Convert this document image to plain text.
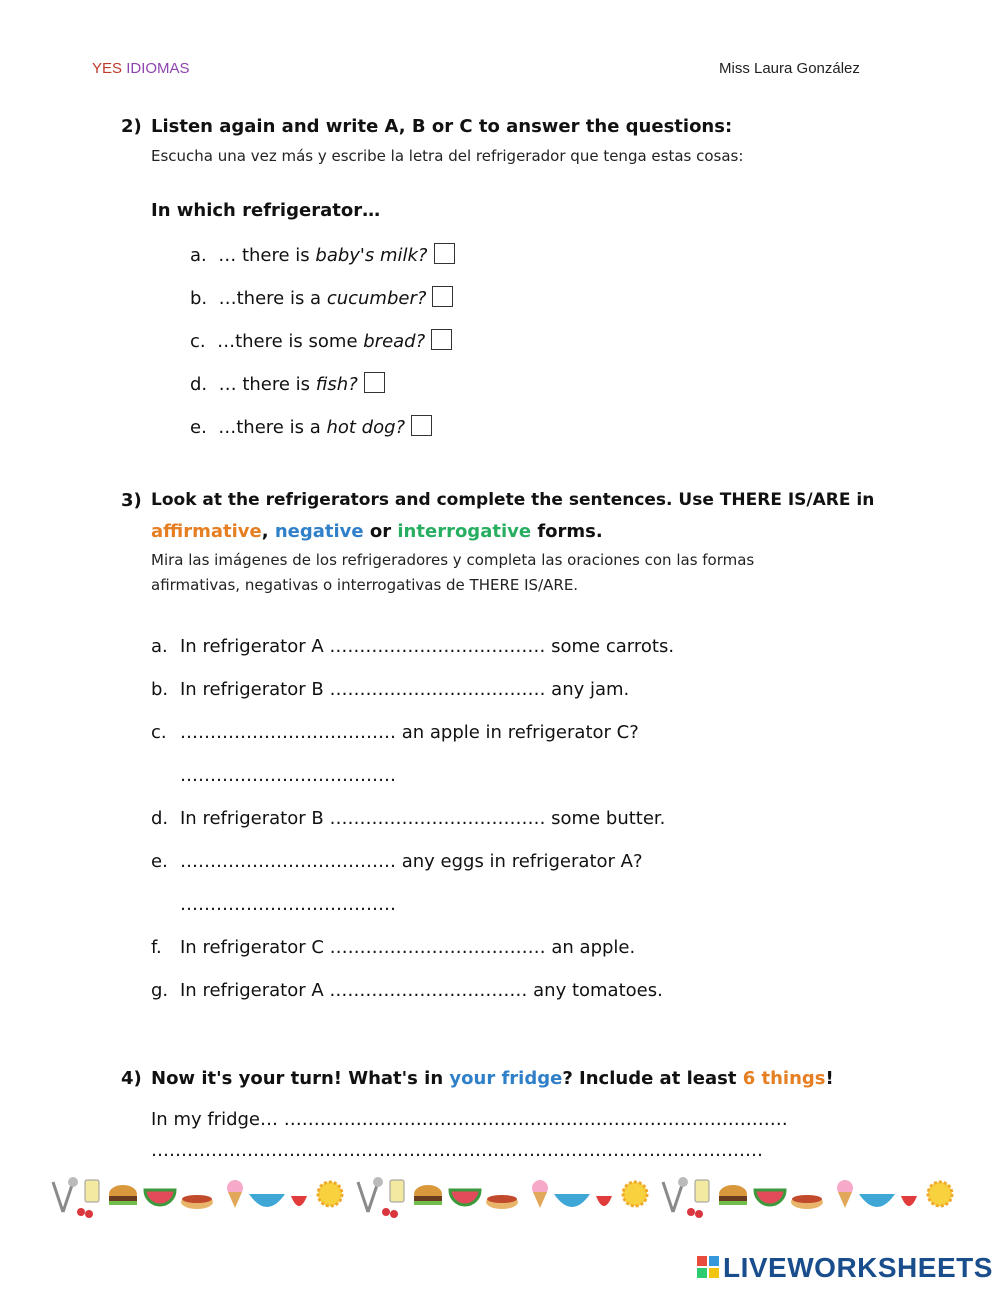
YES IDIOMAS	Miss Laura González
2) Listen again and write A, B or C to answer the questions:
Escucha una vez más y escribe la letra del refrigerador que tenga estas cosas:
In which refrigerator…
a. … there is baby's milk?
b. …there is a cucumber?
c. …there is some bread?
d. … there is fish?
e. …there is a hot dog?
3) Look at the refrigerators and complete the sentences. Use THERE IS/ARE in
affirmative, negative or interrogative forms.
Mira las imágenes de los refrigeradores y completa las oraciones con las formas
afirmativas, negativas o interrogativas de THERE IS/ARE.
a. In refrigerator A ……………………………… some carrots.
b. In refrigerator B ……………………………… any jam.
c. ……………………………… an apple in refrigerator C?
………………………………
d. In refrigerator B ……………………………… some butter.
e. ……………………………… any eggs in refrigerator A?
………………………………
f. In refrigerator C ……………………………… an apple.
g. In refrigerator A …………………………… any tomatoes.
4) Now it's your turn! What's in your fridge? Include at least 6 things!
In my fridge… …………………………………………………………………………
…………………………………………………………………………………………
LIVEWORKSHEETS
